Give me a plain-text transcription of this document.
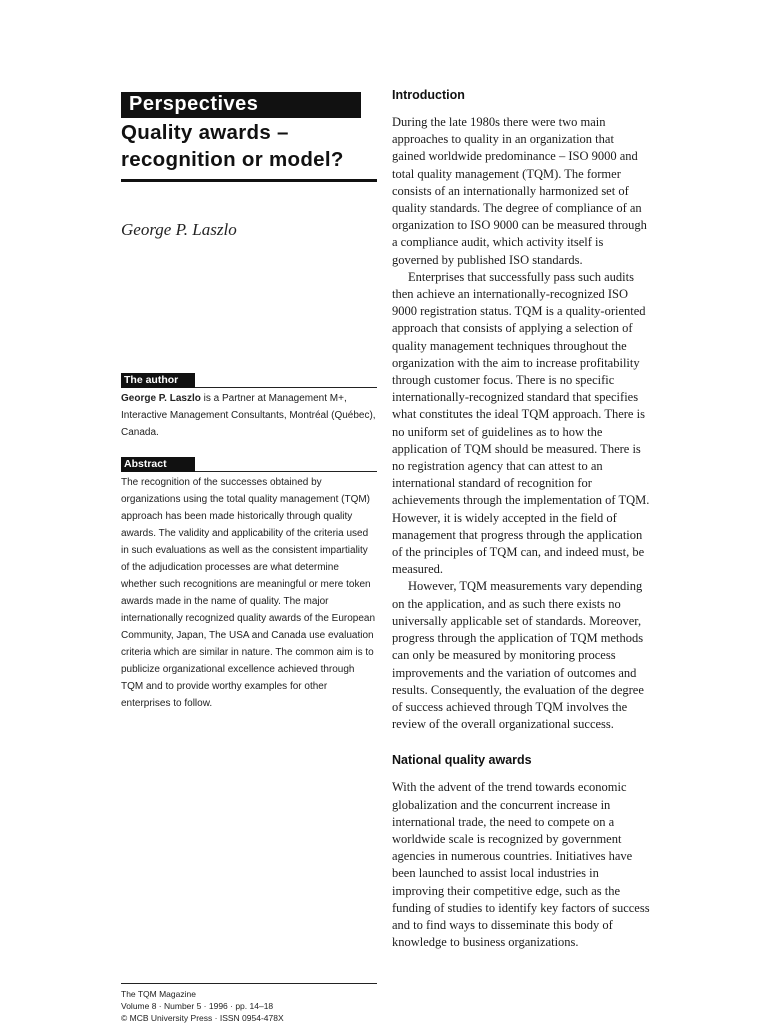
Perspectives
Quality awards –
recognition or model?
George P. Laszlo
The author
George P. Laszlo is a Partner at Management M+, Interactive Management Consultants, Montréal (Québec), Canada.
Abstract
The recognition of the successes obtained by organizations using the total quality management (TQM) approach has been made historically through quality awards. The validity and applicability of the criteria used in such evaluations as well as the consistent impartiality of the adjudication processes are what determine whether such recognitions are meaningful or mere token awards made in the name of quality. The major internationally recognized quality awards of the European Community, Japan, The USA and Canada use evaluation criteria which are similar in nature. The common aim is to publicize organizational excellence achieved through TQM and to provide worthy examples for other enterprises to follow.
The TQM Magazine
Volume 8 · Number 5 · 1996 · pp. 14–18
© MCB University Press · ISSN 0954-478X
Introduction

During the late 1980s there were two main approaches to quality in an organization that gained worldwide predominance – ISO 9000 and total quality management (TQM). The former consists of an internationally harmonized set of quality standards. The degree of compliance of an organization to ISO 9000 can be measured through a compliance audit, which activity itself is governed by published ISO standards.

Enterprises that successfully pass such audits then achieve an internationally-recognized ISO 9000 registration status. TQM is a quality-oriented approach that consists of applying a selection of quality management techniques throughout the organization with the aim to increase profitability through customer focus. There is no specific internationally-recognized standard that specifies what constitutes the ideal TQM approach. There is no uniform set of guidelines as to how the application of TQM should be measured. There is no registration agency that can attest to an international standard of recognition for achievements through the implementation of TQM. However, it is widely accepted in the field of management that progress through the application of the principles of TQM can, and indeed must, be measured.

However, TQM measurements vary depending on the application, and as such there exists no universally applicable set of standards. Moreover, progress through the application of TQM methods can only be measured by monitoring process improvements and the variation of outcomes and results. Consequently, the evaluation of the degree of success achieved through TQM involves the review of the overall organizational success.

National quality awards

With the advent of the trend towards economic globalization and the concurrent increase in international trade, the need to compete on a worldwide scale is recognized by government agencies in numerous countries. Initiatives have been launched to assist local industries in improving their competitive edge, such as the funding of studies to identify key factors of success and to find ways to disseminate this body of knowledge to business organizations.
